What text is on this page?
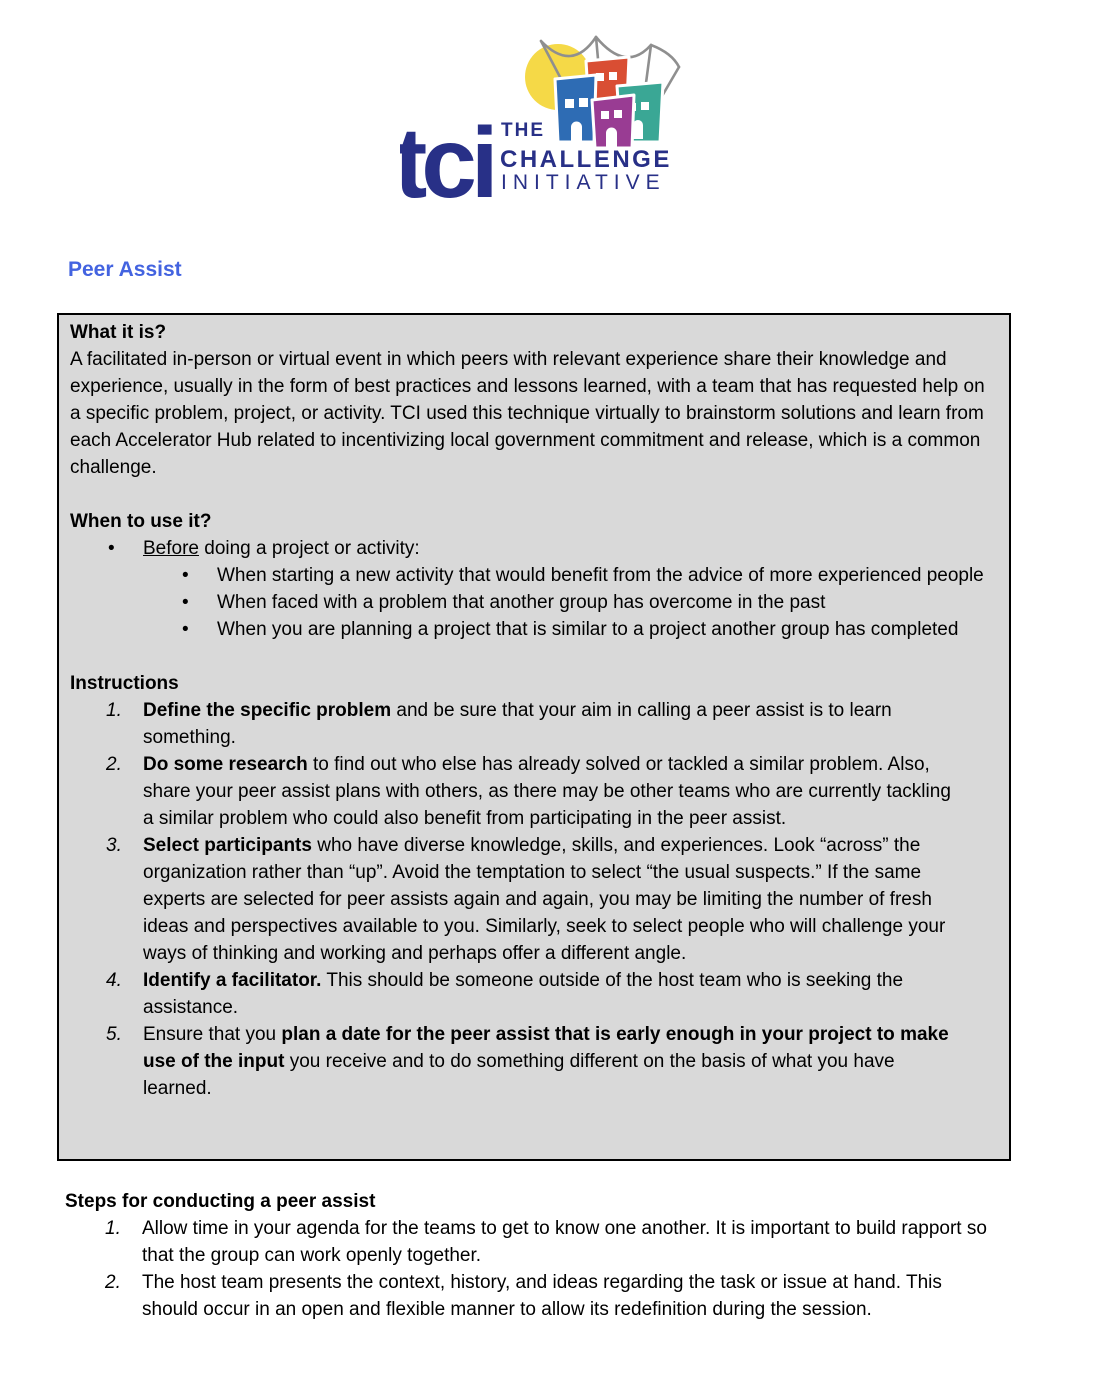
tci THE
CHALLENGE
INITIATIVE
Peer Assist
What it is?

A facilitated in-person or virtual event in which peers with relevant experience share their knowledge and experience, usually in the form of best practices and lessons learned, with a team that has requested help on a specific problem, project, or activity. TCI used this technique virtually to brainstorm solutions and learn from each Accelerator Hub related to incentivizing local government commitment and release, which is a common challenge.

When to use it?
•	Before doing a project or activity:
•	When starting a new activity that would benefit from the advice of more experienced people
•	When faced with a problem that another group has overcome in the past
•	When you are planning a project that is similar to a project another group has completed
Instructions
1.	Define the specific problem and be sure that your aim in calling a peer assist is to learn something.
2.	Do some research to find out who else has already solved or tackled a similar problem. Also, share your peer assist plans with others, as there may be other teams who are currently tackling a similar problem who could also benefit from participating in the peer assist.
3.	Select participants who have diverse knowledge, skills, and experiences. Look “across” the organization rather than “up”. Avoid the temptation to select “the usual suspects.” If the same experts are selected for peer assists again and again, you may be limiting the number of fresh ideas and perspectives available to you. Similarly, seek to select people who will challenge your ways of thinking and working and perhaps offer a different angle.
4.	Identify a facilitator. This should be someone outside of the host team who is seeking the assistance.
5.	Ensure that you plan a date for the peer assist that is early enough in your project to make use of the input you receive and to do something different on the basis of what you have learned.
Steps for conducting a peer assist
1.	Allow time in your agenda for the teams to get to know one another. It is important to build rapport so that the group can work openly together.
2.	The host team presents the context, history, and ideas regarding the task or issue at hand. This should occur in an open and flexible manner to allow its redefinition during the session.
